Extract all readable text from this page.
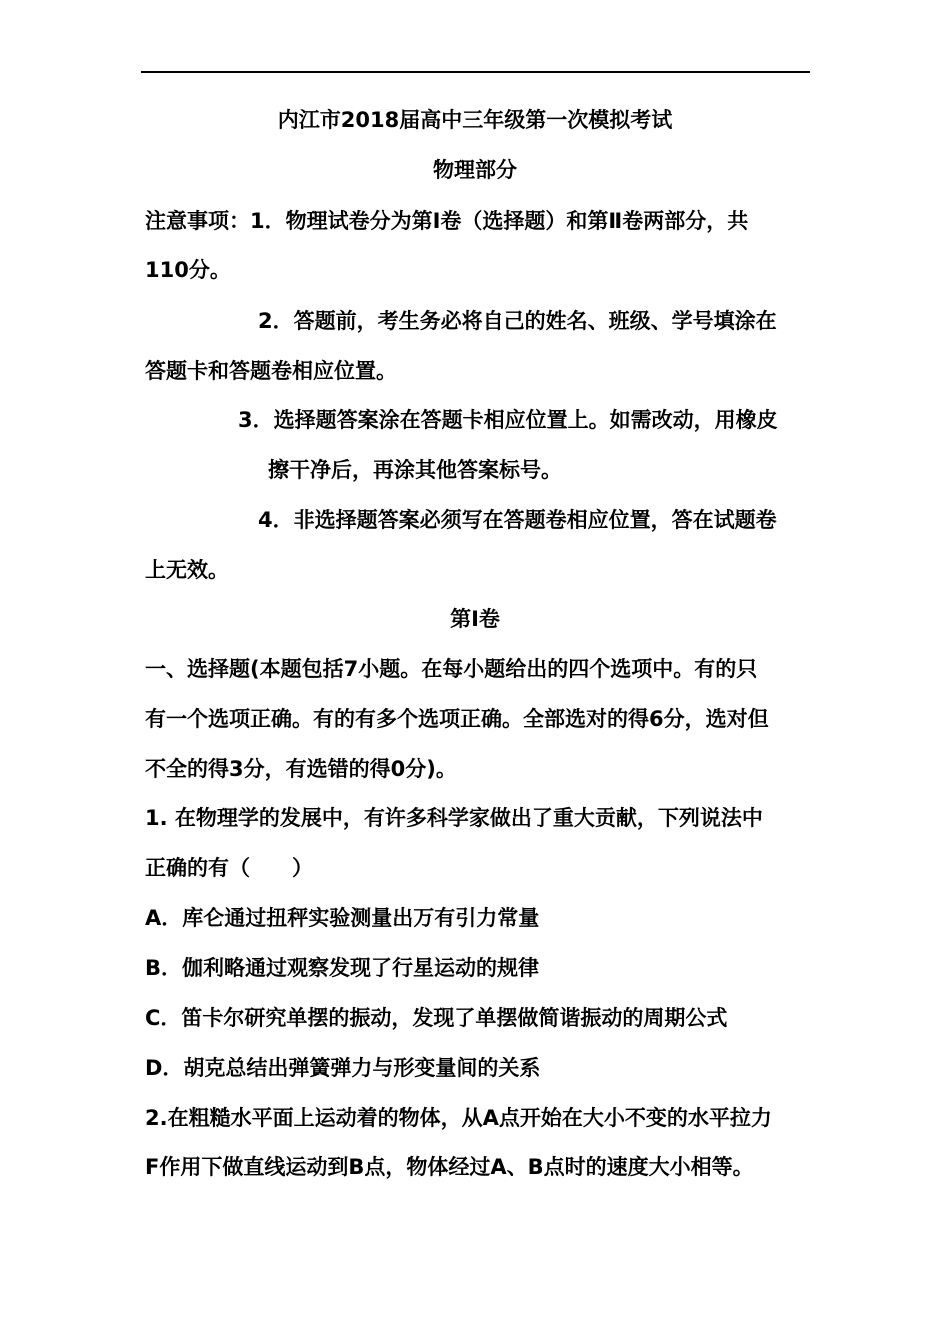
内江市2018届高中三年级第一次模拟考试
物理部分
注意事项：1．物理试卷分为第Ⅰ卷（选择题）和第Ⅱ卷两部分，共
110分。
2．答题前，考生务必将自己的姓名、班级、学号填涂在
答题卡和答题卷相应位置。
3．选择题答案涂在答题卡相应位置上。如需改动，用橡皮
擦干净后，再涂其他答案标号。
4．非选择题答案必须写在答题卷相应位置，答在试题卷
上无效。
第Ⅰ卷
一、选择题(本题包括7小题。在每小题给出的四个选项中。有的只
有一个选项正确。有的有多个选项正确。全部选对的得6分，选对但
不全的得3分，有选错的得0分)。
1. 在物理学的发展中，有许多科学家做出了重大贡献，下列说法中
正确的有（　　）
A．库仑通过扭秤实验测量出万有引力常量
B．伽利略通过观察发现了行星运动的规律
C．笛卡尔研究单摆的振动，发现了单摆做简谐振动的周期公式
D．胡克总结出弹簧弹力与形变量间的关系
2.在粗糙水平面上运动着的物体，从A点开始在大小不变的水平拉力
F作用下做直线运动到B点，物体经过A、B点时的速度大小相等。
